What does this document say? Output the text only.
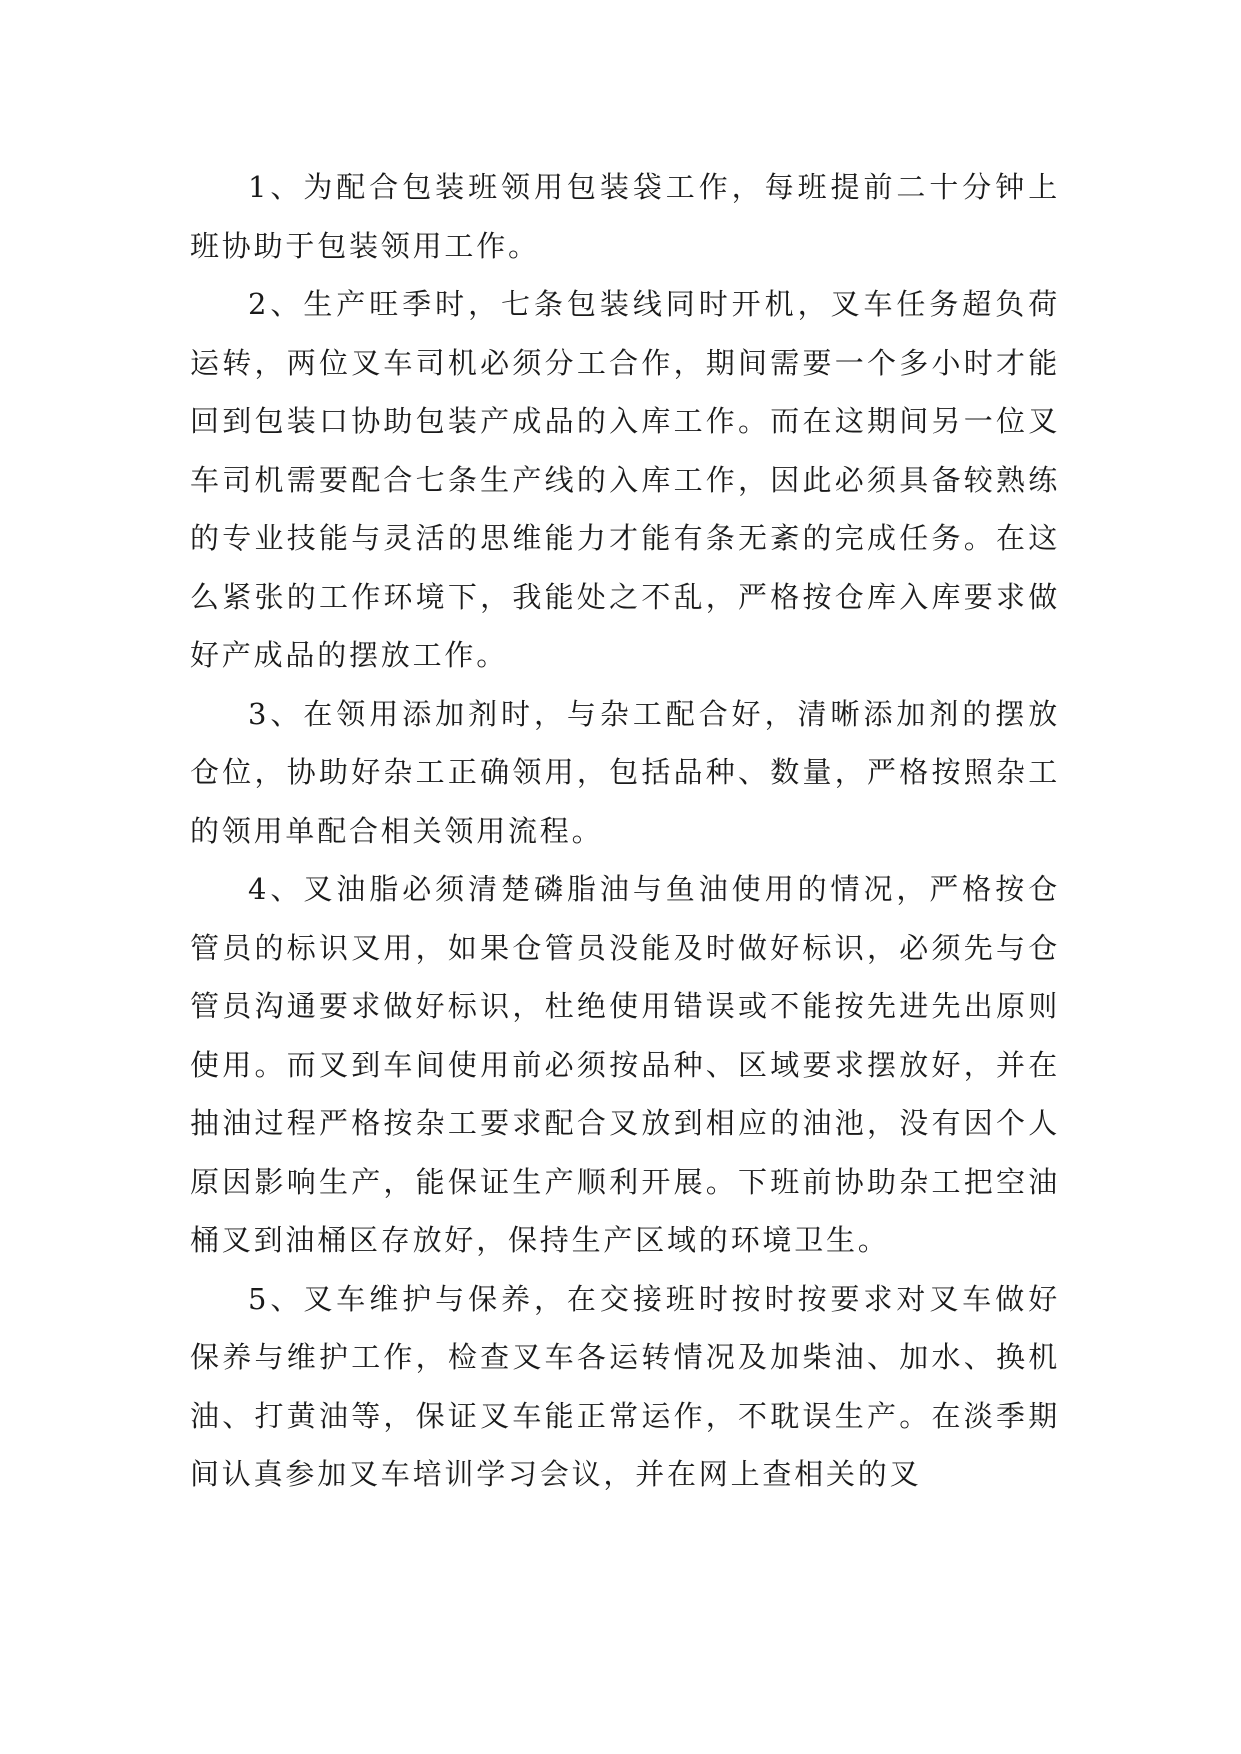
1、为配合包装班领用包装袋工作，每班提前二十分钟上班协助于包装领用工作。

2、生产旺季时，七条包装线同时开机，叉车任务超负荷运转，两位叉车司机必须分工合作，期间需要一个多小时才能回到包装口协助包装产成品的入库工作。而在这期间另一位叉车司机需要配合七条生产线的入库工作，因此必须具备较熟练的专业技能与灵活的思维能力才能有条无紊的完成任务。在这么紧张的工作环境下，我能处之不乱，严格按仓库入库要求做好产成品的摆放工作。

3、在领用添加剂时，与杂工配合好，清晰添加剂的摆放仓位，协助好杂工正确领用，包括品种、数量，严格按照杂工的领用单配合相关领用流程。

4、叉油脂必须清楚磷脂油与鱼油使用的情况，严格按仓管员的标识叉用，如果仓管员没能及时做好标识，必须先与仓管员沟通要求做好标识，杜绝使用错误或不能按先进先出原则使用。而叉到车间使用前必须按品种、区域要求摆放好，并在抽油过程严格按杂工要求配合叉放到相应的油池，没有因个人原因影响生产，能保证生产顺利开展。下班前协助杂工把空油桶叉到油桶区存放好，保持生产区域的环境卫生。

5、叉车维护与保养，在交接班时按时按要求对叉车做好保养与维护工作，检查叉车各运转情况及加柴油、加水、换机油、打黄油等，保证叉车能正常运作，不耽误生产。在淡季期间认真参加叉车培训学习会议，并在网上查相关的叉
